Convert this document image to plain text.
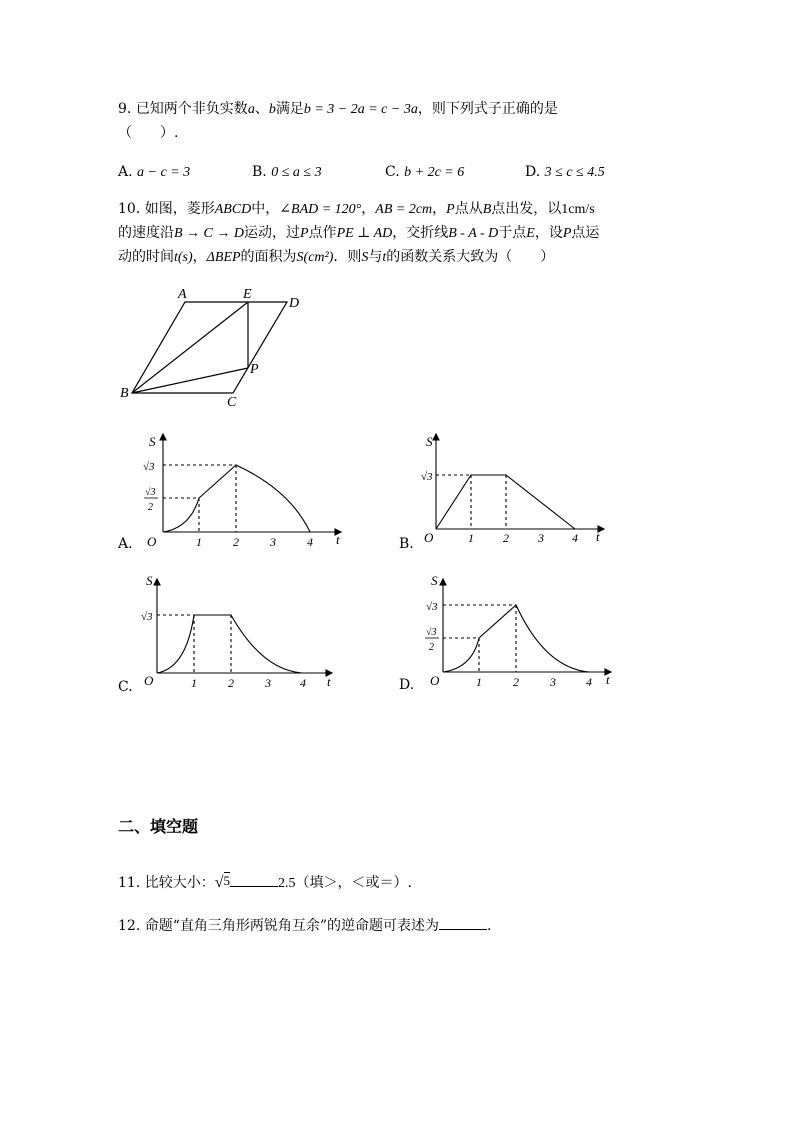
9. 已知两个非负实数a、b满足b = 3 − 2a = c − 3a，则下列式子正确的是
（　　）.
A. a − c = 3	B. 0 ≤ a ≤ 3	C. b + 2c = 6	D. 3 ≤ c ≤ 4.5
10. 如图，菱形ABCD中，∠BAD = 120°，AB = 2cm，P点从B点出发，以1cm/s
的速度沿B → C → D运动，过P点作PE ⊥ AD，交折线B - A - D于点E，设P点运
动的时间t(s)，ΔBEP的面积为S(cm²)．则S与t的函数关系大致为（　　）
A	E
D
P
B
C
S
t
O
√3
√3
2
1	2	3	4
A.
S
t
O
√3
1 2 3 4
B.
S
t
O
√3
1	2	3 4
C.
S
t
O
√3
√3
2
1	2	3	4
D.
二、填空题
11. 比较大小：√5	2.5（填＞，＜或＝）.
12. 命题“直角三角形两锐角互余”的逆命题可表述为	.
